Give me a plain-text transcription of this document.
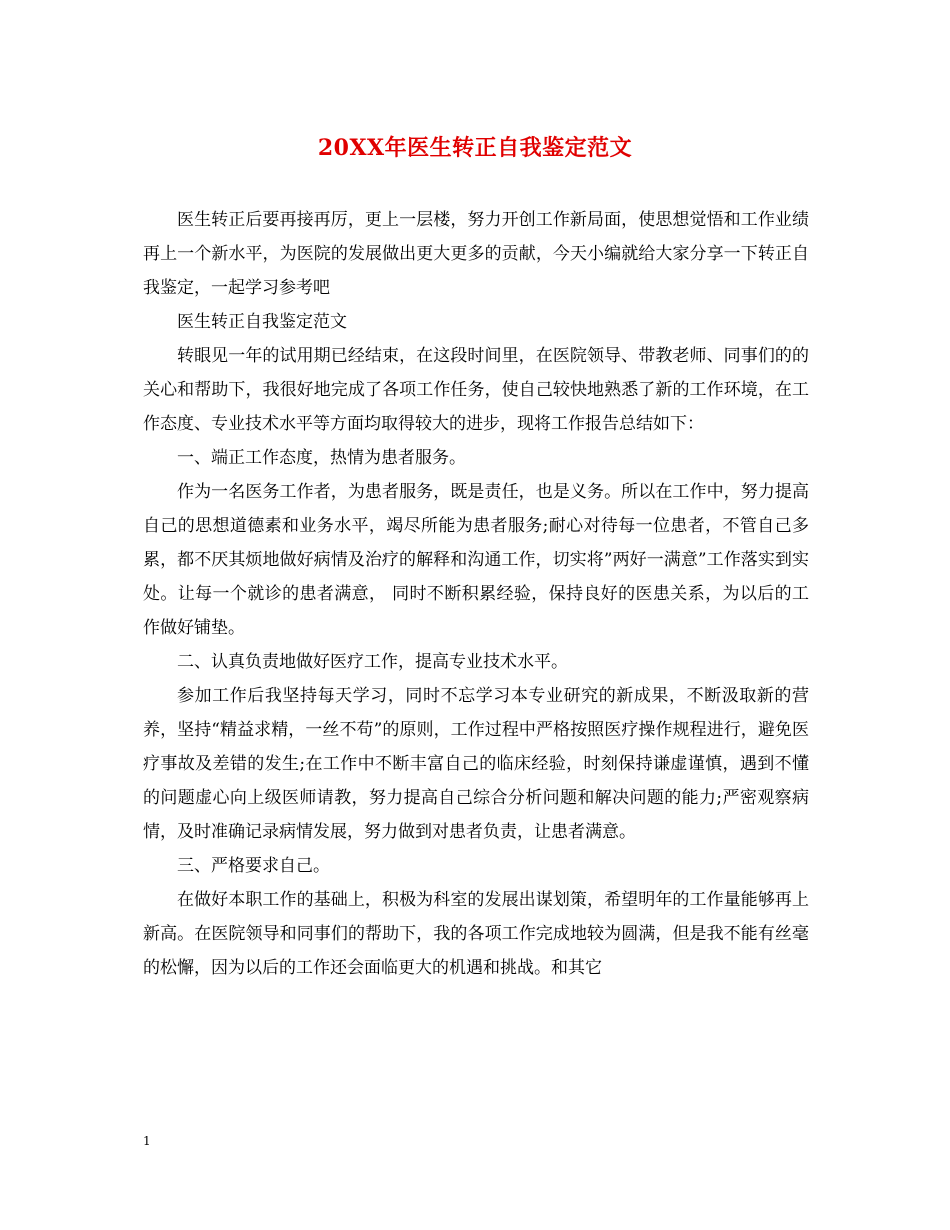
20XX年医生转正自我鉴定范文

医生转正后要再接再厉，更上一层楼，努力开创工作新局面，使思想觉悟和工作业绩再上一个新水平，为医院的发展做出更大更多的贡献，今天小编就给大家分享一下转正自我鉴定，一起学习参考吧

医生转正自我鉴定范文

转眼见一年的试用期已经结束，在这段时间里，在医院领导、带教老师、同事们的的关心和帮助下，我很好地完成了各项工作任务，使自己较快地熟悉了新的工作环境，在工作态度、专业技术水平等方面均取得较大的进步，现将工作报告总结如下：

一、端正工作态度，热情为患者服务。

作为一名医务工作者，为患者服务，既是责任，也是义务。所以在工作中，努力提高自己的思想道德素和业务水平，竭尽所能为患者服务;耐心对待每一位患者，不管自己多累，都不厌其烦地做好病情及治疗的解释和沟通工作，切实将”两好一满意”工作落实到实处。让每一个就诊的患者满意， 同时不断积累经验，保持良好的医患关系，为以后的工作做好铺垫。

二、认真负责地做好医疗工作，提高专业技术水平。

参加工作后我坚持每天学习，同时不忘学习本专业研究的新成果，不断汲取新的营养，坚持“精益求精，一丝不苟”的原则，工作过程中严格按照医疗操作规程进行，避免医疗事故及差错的发生;在工作中不断丰富自己的临床经验，时刻保持谦虚谨慎，遇到不懂的问题虚心向上级医师请教，努力提高自己综合分析问题和解决问题的能力;严密观察病情，及时准确记录病情发展，努力做到对患者负责，让患者满意。

三、严格要求自己。

在做好本职工作的基础上，积极为科室的发展出谋划策，希望明年的工作量能够再上新高。在医院领导和同事们的帮助下，我的各项工作完成地较为圆满，但是我不能有丝毫的松懈，因为以后的工作还会面临更大的机遇和挑战。和其它

1
